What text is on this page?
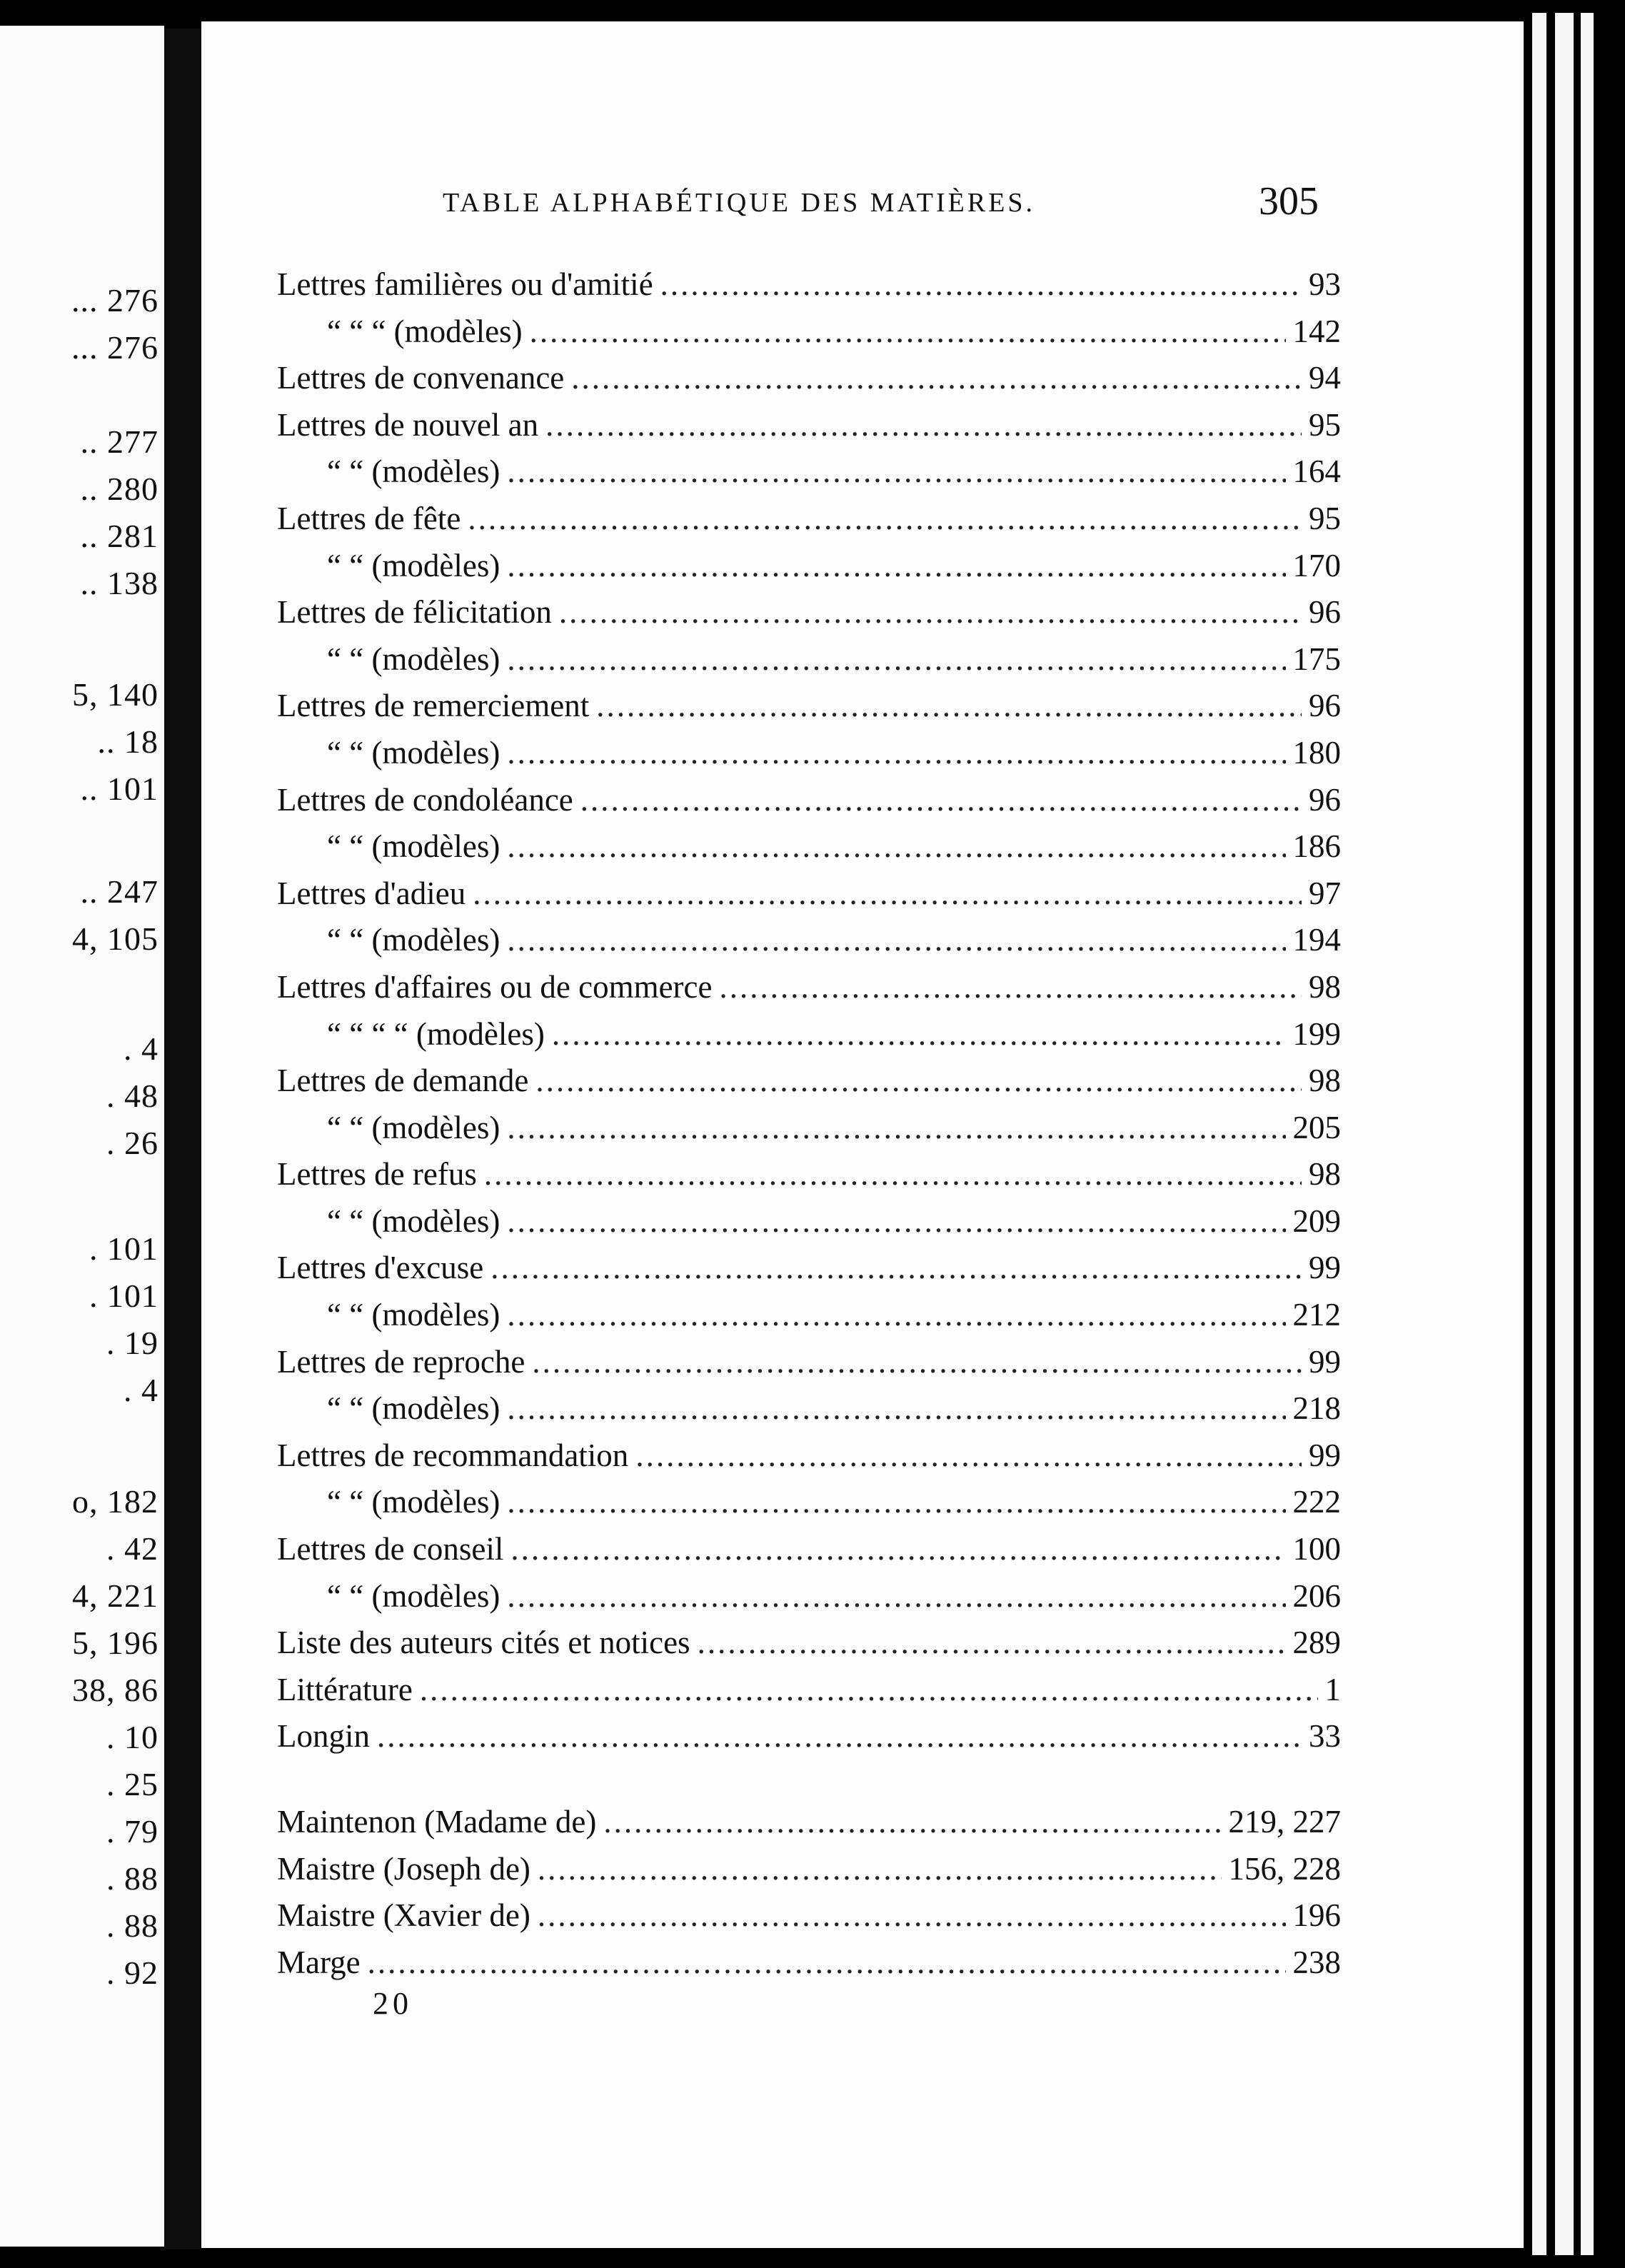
... 276
... 276
.. 277
.. 280
.. 281
.. 138
5, 140
.. 18
.. 101
.. 247
4, 105
. 4
. 48
. 26
. 101
. 101
. 19
. 4
o, 182
. 42
4, 221
5, 196
38, 86
. 10
. 25
. 79
. 88
. 88
. 92
TABLE ALPHABÉTIQUE DES MATIÈRES.	305
Lettres familières ou d'amitié .....	93
“ “ “ (modèles) .....	142
Lettres de convenance .....	94
Lettres de nouvel an .....	95
“ “ (modèles) .....	164
Lettres de fête .....	95
“ “ (modèles) .....	170
Lettres de félicitation .....	96
“ “ (modèles) .....	175
Lettres de remerciement .....	96
“ “ (modèles) .....	180
Lettres de condoléance .....	96
“ “ (modèles) .....	186
Lettres d'adieu .....	97
“ “ (modèles) .....	194
Lettres d'affaires ou de commerce .....	98
“ “ “ “ (modèles) .....	199
Lettres de demande .....	98
“ “ (modèles) .....	205
Lettres de refus .....	98
“ “ (modèles) .....	209
Lettres d'excuse .....	99
“ “ (modèles) .....	212
Lettres de reproche .....	99
“ “ (modèles) .....	218
Lettres de recommandation .....	99
“ “ (modèles) .....	222
Lettres de conseil .....	100
“ “ (modèles) .....	206
Liste des auteurs cités et notices .....	289
Littérature .....	1
Longin .....	33
Maintenon (Madame de) .....	219, 227
Maistre (Joseph de) .....	156, 228
Maistre (Xavier de) .....	196
Marge .....	238
20
